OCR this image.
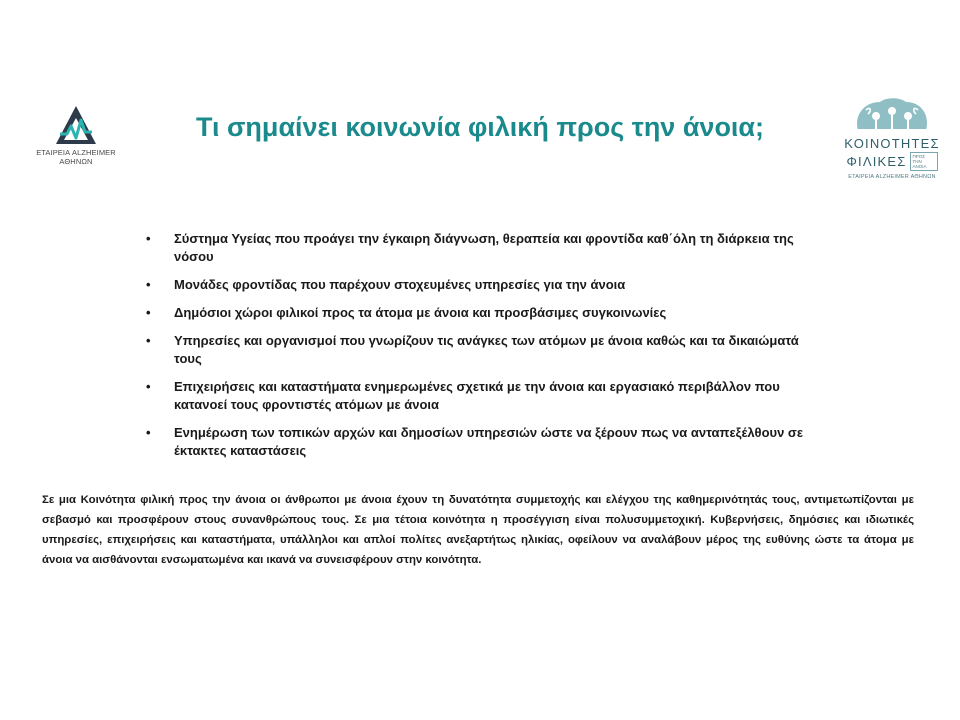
ΕΤΑΙΡΕΙΑ ALZHEIMER
ΑΘΗΝΩΝ
Τι σημαίνει κοινωνία φιλική προς την άνοια;
ΚΟΙΝΟΤΗΤΕΣ
ΦΙΛΙΚΕΣ	ΠΡΟΣ ΤΗΝ ΑΝΟΙΑ
ΕΤΑΙΡΕΙΑ ALZHEIMER ΑΘΗΝΩΝ
• Σύστημα Υγείας που προάγει την έγκαιρη διάγνωση, θεραπεία και φροντίδα καθ΄όλη τη διάρκεια της νόσου
• Μονάδες φροντίδας που παρέχουν στοχευμένες υπηρεσίες για την άνοια
• Δημόσιοι χώροι φιλικοί προς τα άτομα με άνοια και προσβάσιμες συγκοινωνίες
• Υπηρεσίες και οργανισμοί που γνωρίζουν τις ανάγκες των ατόμων με άνοια καθώς και τα δικαιώματά τους
• Επιχειρήσεις και καταστήματα ενημερωμένες σχετικά με την άνοια και εργασιακό περιβάλλον που κατανοεί τους φροντιστές ατόμων με άνοια
• Ενημέρωση των τοπικών αρχών και δημοσίων υπηρεσιών ώστε να ξέρουν πως να ανταπεξέλθουν σε έκτακτες καταστάσεις

Σε μια Κοινότητα φιλική προς την άνοια οι άνθρωποι με άνοια έχουν τη δυνατότητα συμμετοχής και ελέγχου της καθημερινότητάς τους, αντιμετωπίζονται με σεβασμό και προσφέρουν στους συνανθρώπους τους. Σε μια τέτοια κοινότητα η προσέγγιση είναι πολυσυμμετοχική. Κυβερνήσεις, δημόσιες και ιδιωτικές υπηρεσίες, επιχειρήσεις και καταστήματα, υπάλληλοι και απλοί πολίτες ανεξαρτήτως ηλικίας, οφείλουν να αναλάβουν μέρος της ευθύνης ώστε τα άτομα με άνοια να αισθάνονται ενσωματωμένα και ικανά να συνεισφέρουν στην κοινότητα.
